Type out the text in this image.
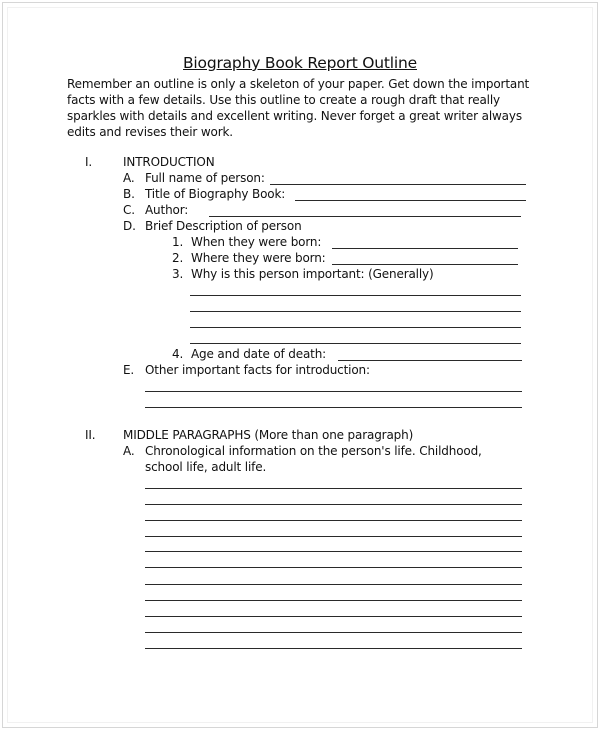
Biography Book Report Outline
Remember an outline is only a skeleton of your paper. Get down the important facts with a few details. Use this outline to create a rough draft that really sparkles with details and excellent writing. Never forget a great writer always edits and revises their work.
I.	INTRODUCTION
A. Full name of person:
B. Title of Biography Book:
C. Author:
D. Brief Description of person
1. When they were born:
2. Where they were born:
3. Why is this person important: (Generally)
4. Age and date of death:
E. Other important facts for introduction:
II. MIDDLE PARAGRAPHS (More than one paragraph)
A. Chronological information on the person's life. Childhood,
school life, adult life.
